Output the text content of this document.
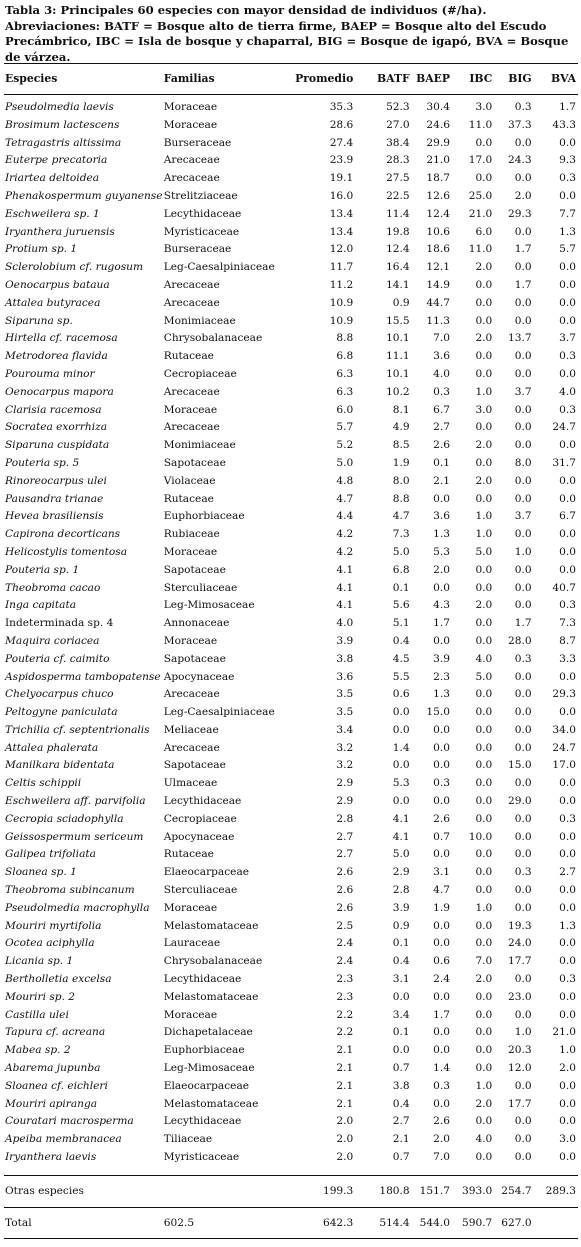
Tabla 3: Principales 60 especies con mayor densidad de individuos (#/ha). Abreviaciones: BATF = Bosque alto de tierra firme, BAEP = Bosque alto del Escudo Precámbrico, IBC = Isla de bosque y chaparral, BIG = Bosque de igapó, BVA = Bosque de várzea.
Especies	Familias	Promedio	BATF	BAEP	IBC	BIG	BVA
Pseudolmedia laevis	Moraceae	35.3	52.3	30.4	3.0	0.3	1.7
Brosimum lactescens	Moraceae	28.6	27.0	24.6	11.0	37.3	43.3
Tetragastris altissima	Burseraceae	27.4	38.4	29.9	0.0	0.0	0.0
Euterpe precatoria	Arecaceae	23.9	28.3	21.0	17.0	24.3	9.3
Iriartea deltoidea	Arecaceae	19.1	27.5	18.7	0.0	0.0	0.3
Phenakospermum guyanense	Strelitziaceae	16.0	22.5	12.6	25.0	2.0	0.0
Eschweilera sp. 1	Lecythidaceae	13.4	11.4	12.4	21.0	29.3	7.7
Iryanthera juruensis	Myristicaceae	13.4	19.8	10.6	6.0	0.0	1.3
Protium sp. 1	Burseraceae	12.0	12.4	18.6	11.0	1.7	5.7
Sclerolobium cf. rugosum	Leg-Caesalpiniaceae	11.7	16.4	12.1	2.0	0.0	0.0
Oenocarpus bataua	Arecaceae	11.2	14.1	14.9	0.0	1.7	0.0
Attalea butyracea	Arecaceae	10.9	0.9	44.7	0.0	0.0	0.0
Siparuna sp.	Monimiaceae	10.9	15.5	11.3	0.0	0.0	0.0
Hirtella cf. racemosa	Chrysobalanaceae	8.8	10.1	7.0	2.0	13.7	3.7
Metrodorea flavida	Rutaceae	6.8	11.1	3.6	0.0	0.0	0.3
Pourouma minor	Cecropiaceae	6.3	10.1	4.0	0.0	0.0	0.0
Oenocarpus mapora	Arecaceae	6.3	10.2	0.3	1.0	3.7	4.0
Clarisia racemosa	Moraceae	6.0	8.1	6.7	3.0	0.0	0.3
Socratea exorrhiza	Arecaceae	5.7	4.9	2.7	0.0	0.0	24.7
Siparuna cuspidata	Monimiaceae	5.2	8.5	2.6	2.0	0.0	0.0
Pouteria sp. 5	Sapotaceae	5.0	1.9	0.1	0.0	8.0	31.7
Rinoreocarpus ulei	Violaceae	4.8	8.0	2.1	2.0	0.0	0.0
Pausandra trianae	Rutaceae	4.7	8.8	0.0	0.0	0.0	0.0
Hevea brasiliensis	Euphorbiaceae	4.4	4.7	3.6	1.0	3.7	6.7
Capirona decorticans	Rubiaceae	4.2	7.3	1.3	1.0	0.0	0.0
Helicostylis tomentosa	Moraceae	4.2	5.0	5.3	5.0	1.0	0.0
Pouteria sp. 1	Sapotaceae	4.1	6.8	2.0	0.0	0.0	0.0
Theobroma cacao	Sterculiaceae	4.1	0.1	0.0	0.0	0.0	40.7
Inga capitata	Leg-Mimosaceae	4.1	5.6	4.3	2.0	0.0	0.3
Indeterminada sp. 4	Annonaceae	4.0	5.1	1.7	0.0	1.7	7.3
Maquira coriacea	Moraceae	3.9	0.4	0.0	0.0	28.0	8.7
Pouteria cf. caimito	Sapotaceae	3.8	4.5	3.9	4.0	0.3	3.3
Aspidosperma tambopatense	Apocynaceae	3.6	5.5	2.3	5.0	0.0	0.0
Chelyocarpus chuco	Arecaceae	3.5	0.6	1.3	0.0	0.0	29.3
Peltogyne paniculata	Leg-Caesalpiniaceae	3.5	0.0	15.0	0.0	0.0	0.0
Trichilia cf. septentrionalis	Meliaceae	3.4	0.0	0.0	0.0	0.0	34.0
Attalea phalerata	Arecaceae	3.2	1.4	0.0	0.0	0.0	24.7
Manilkara bidentata	Sapotaceae	3.2	0.0	0.0	0.0	15.0	17.0
Celtis schippii	Ulmaceae	2.9	5.3	0.3	0.0	0.0	0.0
Eschweilera aff. parvifolia	Lecythidaceae	2.9	0.0	0.0	0.0	29.0	0.0
Cecropia sciadophylla	Cecropiaceae	2.8	4.1	2.6	0.0	0.0	0.3
Geissospermum sericeum	Apocynaceae	2.7	4.1	0.7	10.0	0.0	0.0
Galipea trifoliata	Rutaceae	2.7	5.0	0.0	0.0	0.0	0.0
Sloanea sp. 1	Elaeocarpaceae	2.6	2.9	3.1	0.0	0.3	2.7
Theobroma subincanum	Sterculiaceae	2.6	2.8	4.7	0.0	0.0	0.0
Pseudolmedia macrophylla	Moraceae	2.6	3.9	1.9	1.0	0.0	0.0
Mouriri myrtifolia	Melastomataceae	2.5	0.9	0.0	0.0	19.3	1.3
Ocotea aciphylla	Lauraceae	2.4	0.1	0.0	0.0	24.0	0.0
Licania sp. 1	Chrysobalanaceae	2.4	0.4	0.6	7.0	17.7	0.0
Bertholletia excelsa	Lecythidaceae	2.3	3.1	2.4	2.0	0.0	0.3
Mouriri sp. 2	Melastomataceae	2.3	0.0	0.0	0.0	23.0	0.0
Castilla ulei	Moraceae	2.2	3.4	1.7	0.0	0.0	0.0
Tapura cf. acreana	Dichapetalaceae	2.2	0.1	0.0	0.0	1.0	21.0
Mabea sp. 2	Euphorbiaceae	2.1	0.0	0.0	0.0	20.3	1.0
Abarema jupunba	Leg-Mimosaceae	2.1	0.7	1.4	0.0	12.0	2.0
Sloanea cf. eichleri	Elaeocarpaceae	2.1	3.8	0.3	1.0	0.0	0.0
Mouriri apiranga	Melastomataceae	2.1	0.4	0.0	2.0	17.7	0.0
Couratari macrosperma	Lecythidaceae	2.0	2.7	2.6	0.0	0.0	0.0
Apeiba membranacea	Tiliaceae	2.0	2.1	2.0	4.0	0.0	3.0
Iryanthera laevis	Myristicaceae	2.0	0.7	7.0	0.0	0.0	0.0

Otras especies		199.3	180.8	151.7	393.0	254.7	289.3
Total	602.5	642.3	514.4	544.0	590.7	627.0	
